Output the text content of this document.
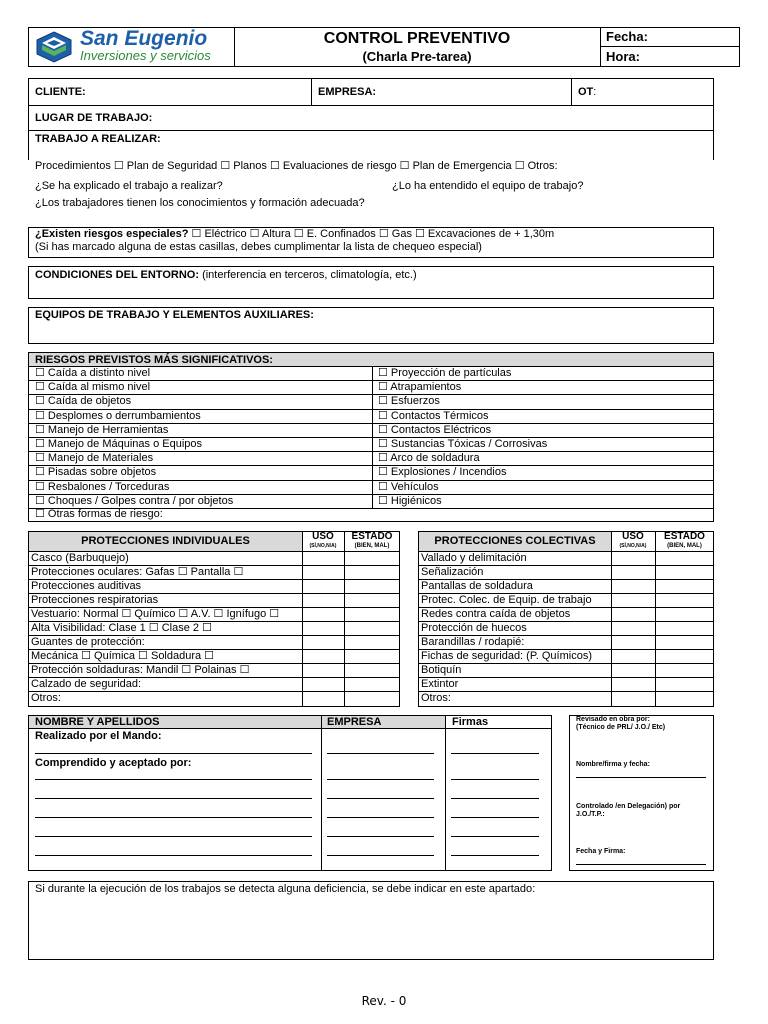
San Eugenio
Inversiones y servicios
CONTROL PREVENTIVO
(Charla Pre-tarea)
Fecha:
Hora:
CLIENTE:	EMPRESA:	OT:
LUGAR DE TRABAJO:
TRABAJO A REALIZAR:
Procedimientos ☐ Plan de Seguridad ☐ Planos ☐ Evaluaciones de riesgo ☐ Plan de Emergencia ☐ Otros:
¿Se ha explicado el trabajo a realizar?	¿Lo ha entendido el equipo de trabajo?
¿Los trabajadores tienen los conocimientos y formación adecuada?
¿Existen riesgos especiales? ☐ Eléctrico ☐ Altura ☐ E. Confinados ☐ Gas ☐ Excavaciones de + 1,30m
(Si has marcado alguna de estas casillas, debes cumplimentar la lista de chequeo especial)
CONDICIONES DEL ENTORNO: (interferencia en terceros, climatología, etc.)
EQUIPOS DE TRABAJO Y ELEMENTOS AUXILIARES:
RIESGOS PREVISTOS MÁS SIGNIFICATIVOS:
☐ Caída a distinto nivel
☐ Caída al mismo nivel
☐ Caída de objetos
☐ Desplomes o derrumbamientos
☐ Manejo de Herramientas
☐ Manejo de Máquinas o Equipos
☐ Manejo de Materiales
☐ Pisadas sobre objetos
☐ Resbalones / Torceduras
☐ Choques / Golpes contra / por objetos
☐ Proyección de partículas
☐ Atrapamientos
☐ Esfuerzos
☐ Contactos Térmicos
☐ Contactos Eléctricos
☐ Sustancias Tóxicas / Corrosivas
☐ Arco de soldadura
☐ Explosiones / Incendios
☐ Vehículos
☐ Higiénicos
☐ Otras formas de riesgo:
PROTECCIONES INDIVIDUALES	USO
(SÍ,NO,N/A)
ESTADO
(BIEN, MAL)
Casco (Barbuquejo)
Protecciones oculares: Gafas ☐ Pantalla ☐
Protecciones auditivas
Protecciones respiratorias
Vestuario: Normal ☐ Químico ☐ A.V. ☐ Ignífugo ☐
Alta Visibilidad: Clase 1 ☐ Clase 2 ☐
Guantes de protección:
Mecánica ☐ Química ☐ Soldadura ☐
Protección soldaduras: Mandil ☐ Polainas ☐
Calzado de seguridad:
Otros:
PROTECCIONES COLECTIVAS	USO
(SÍ,NO,N/A)
ESTADO
(BIEN, MAL)
Vallado y delimitación
Señalización
Pantallas de soldadura
Protec. Colec. de Equip. de trabajo
Redes contra caída de objetos
Protección de huecos
Barandillas / rodapié:
Fichas de seguridad: (P. Químicos)
Botiquín
Extintor
Otros:
NOMBRE Y APELLIDOS	EMPRESA	Firmas
Realizado por el Mando:
Comprendido y aceptado por:
Revisado en obra por:
(Técnico de PRL/ J.O./ Etc)
Nombre/firma y fecha:
Controlado /en Delegación) por
J.O./T.P.:
Fecha y Firma:
Si durante la ejecución de los trabajos se detecta alguna deficiencia, se debe indicar en este apartado:
Rev. - 0
